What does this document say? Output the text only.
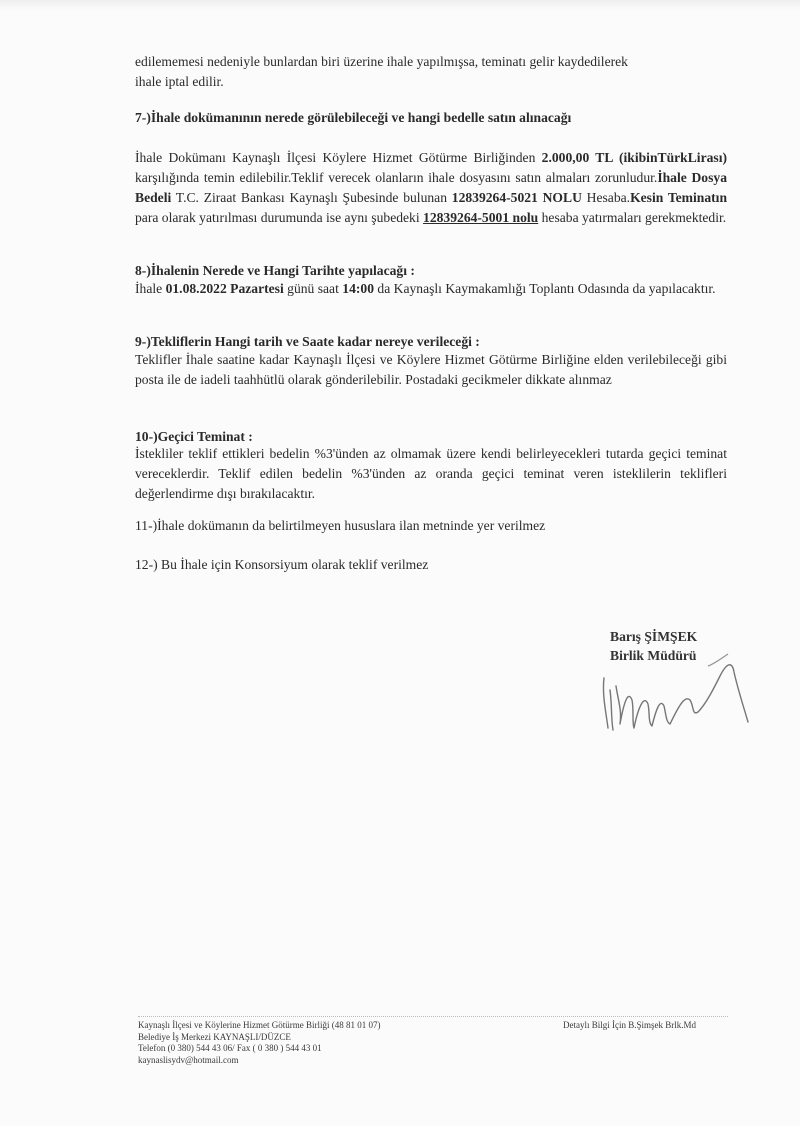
edilememesi nedeniyle bunlardan biri üzerine ihale yapılmışsa, teminatı gelir kaydedilerek
ihale iptal edilir.
7-)İhale dokümanının nerede görülebileceği ve hangi bedelle satın alınacağı
İhale Dokümanı Kaynaşlı İlçesi Köylere Hizmet Götürme Birliğinden 2.000,00 TL (ikibinTürkLirası) karşılığında temin edilebilir.Teklif verecek olanların ihale dosyasını satın almaları zorunludur.İhale Dosya Bedeli T.C. Ziraat Bankası Kaynaşlı Şubesinde bulunan 12839264-5021 NOLU Hesaba.Kesin Teminatın para olarak yatırılması durumunda ise aynı şubedeki 12839264-5001 nolu hesaba yatırmaları gerekmektedir.
8-)İhalenin Nerede ve Hangi Tarihte yapılacağı :
İhale 01.08.2022 Pazartesi günü saat 14:00 da Kaynaşlı Kaymakamlığı Toplantı Odasında da yapılacaktır.
9-)Tekliflerin Hangi tarih ve Saate kadar nereye verileceği :
Teklifler İhale saatine kadar Kaynaşlı İlçesi ve Köylere Hizmet Götürme Birliğine elden verilebileceği gibi posta ile de iadeli taahhütlü olarak gönderilebilir. Postadaki gecikmeler dikkate alınmaz
10-)Geçici Teminat :
İstekliler teklif ettikleri bedelin %3'ünden az olmamak üzere kendi belirleyecekleri tutarda geçici teminat vereceklerdir. Teklif edilen bedelin %3'ünden az oranda geçici teminat veren isteklilerin teklifleri değerlendirme dışı bırakılacaktır.
11-)İhale dokümanın da belirtilmeyen hususlara ilan metninde yer verilmez
12-) Bu İhale için Konsorsiyum olarak teklif verilmez
Barış ŞİMŞEK
Birlik Müdürü
Kaynaşlı İlçesi ve Köylerine Hizmet Götürme Birliği (48 81 01 07)
Belediye İş Merkezi KAYNAŞLI/DÜZCE
Telefon (0 380) 544 43 06/ Fax ( 0 380 ) 544 43 01
kaynaslisydv@hotmail.com
Detaylı Bilgi İçin B.Şimşek Brlk.Md
